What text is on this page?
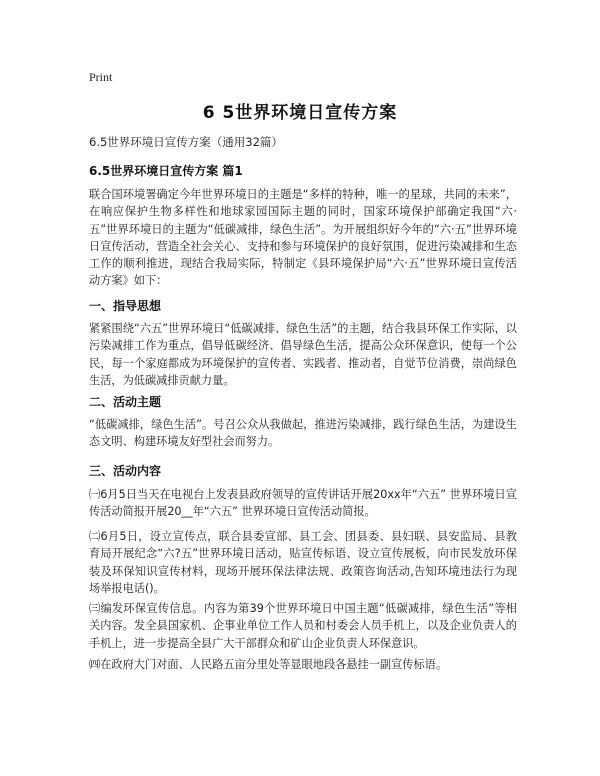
Print
6 5世界环境日宣传方案
6.5世界环境日宣传方案（通用32篇）
6.5世界环境日宣传方案 篇1
联合国环境署确定今年世界环境日的主题是“多样的特种，唯一的星球，共同的未来”，在响应保护生物多样性和地球家园国际主题的同时，国家环境保护部确定我国“六·五”世界环境日的主题为“低碳减排，绿色生活”。为开展组织好今年的“六·五”世界环境日宣传活动，营造全社会关心、支持和参与环境保护的良好氛围，促进污染减排和生态工作的顺利推进，现结合我局实际，特制定《县环境保护局“六·五”世界环境日宣传活动方案》如下：
一、指导思想
紧紧围绕“六五”世界环境日“低碳减排、绿色生活”的主题，结合我县环保工作实际，以污染减排工作为重点，倡导低碳经济、倡导绿色生活，提高公众环保意识，使每一个公民，每一个家庭都成为环境保护的宣传者、实践者、推动者，自觉节位消费，崇尚绿色生活，为低碳减排贡献力量。
二、活动主题
“低碳减排，绿色生活”。号召公众从我做起，推进污染减排，践行绿色生活，为建设生态文明、构建环境友好型社会而努力。
三、活动内容
㈠6月5日当天在电视台上发表县政府领导的宣传讲话开展20xx年“六五” 世界环境日宣传活动简报开展20__年“六五” 世界环境日宣传活动简报。
㈡6月5日，设立宣传点，联合县委宣部、县工会、团县委、县妇联、县安监局、县教育局开展纪念“六?五”世界环境日活动，贴宣传标语、设立宣传展板，向市民发放环保装及环保知识宣传材料，现场开展环保法律法规、政策咨询活动,告知环境违法行为现场举报电话()。
㈢编发环保宣传信息。内容为第39个世界环境日中国主题“低碳减排，绿色生活”等相关内容。发全县国家机、企事业单位工作人员和村委会人员手机上，以及企业负责人的手机上，进一步提高全县广大干部群众和矿山企业负责人环保意识。
㈣在政府大门对面、人民路五亩分里处等显眼地段各悬挂一副宣传标语。
